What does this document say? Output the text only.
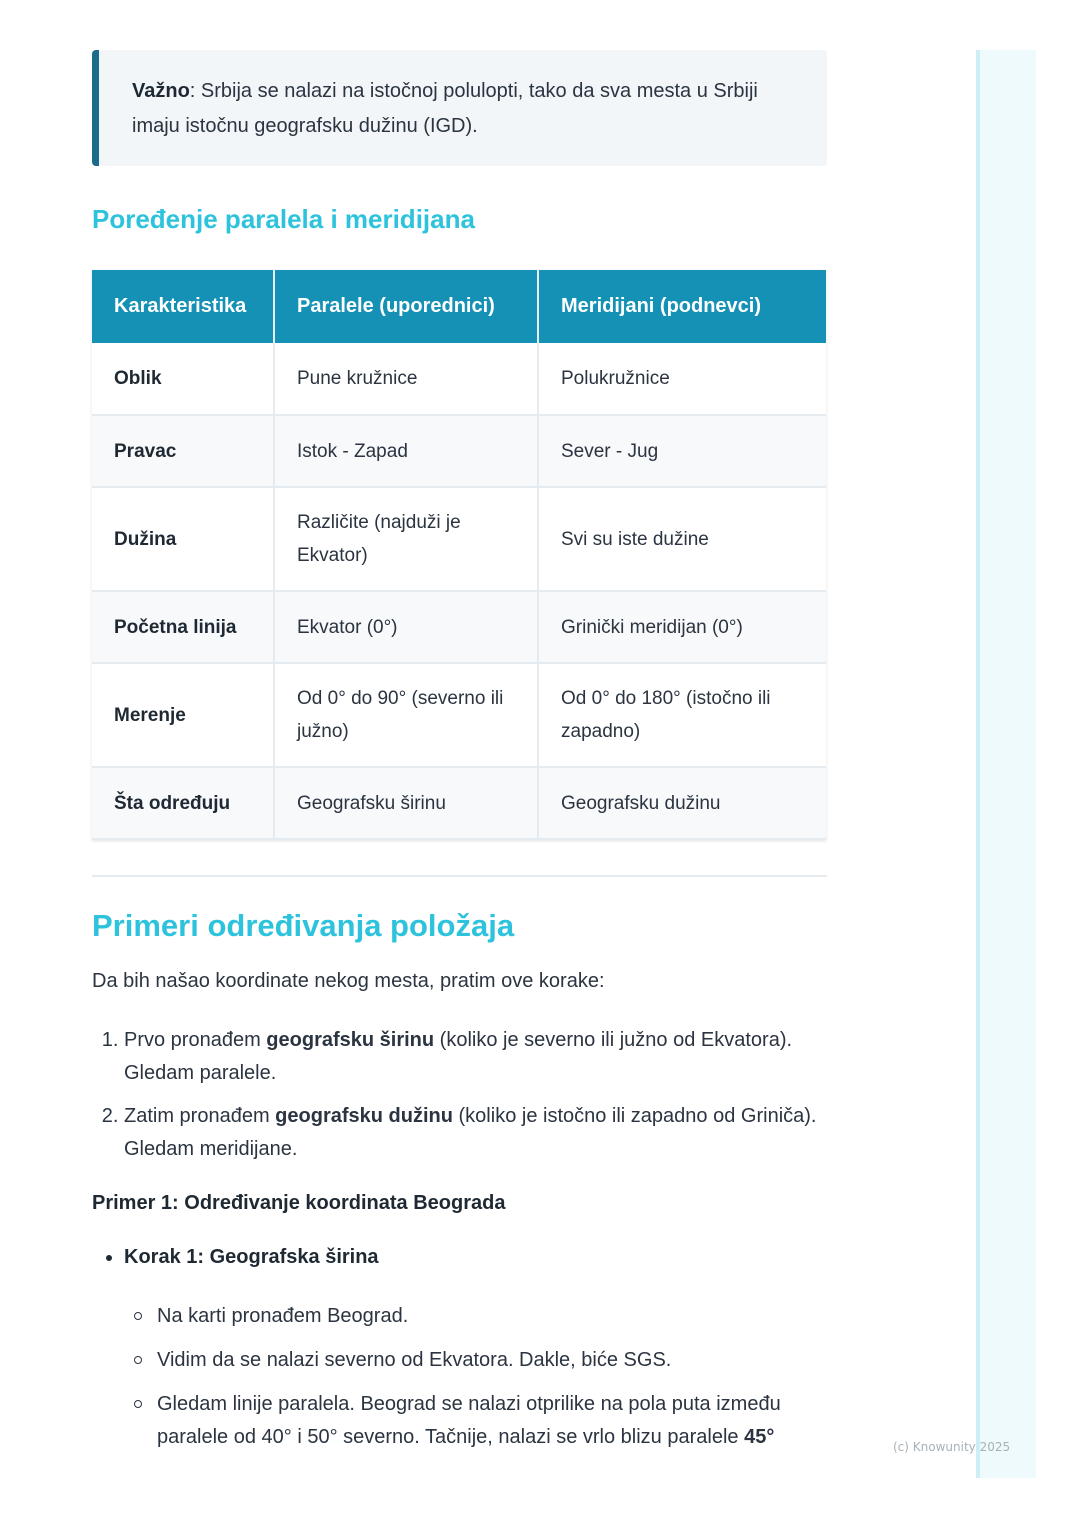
Važno: Srbija se nalazi na istočnoj polulopti, tako da sva mesta u Srbiji imaju istočnu geografsku dužinu (IGD).
Poređenje paralela i meridijana
Karakteristika	Paralele (uporednici)	Meridijani (podnevci)
Oblik	Pune kružnice	Polukružnice
Pravac	Istok - Zapad	Sever - Jug
Dužina	Različite (najduži je Ekvator)	Svi su iste dužine
Početna linija	Ekvator (0°)	Grinički meridijan (0°)
Merenje	Od 0° do 90° (severno ili južno)	Od 0° do 180° (istočno ili zapadno)
Šta određuju	Geografsku širinu	Geografsku dužinu
Primeri određivanja položaja
Da bih našao koordinate nekog mesta, pratim ove korake:
1. Prvo pronađem geografsku širinu (koliko je severno ili južno od Ekvatora). Gledam paralele.
2. Zatim pronađem geografsku dužinu (koliko je istočno ili zapadno od Griniča). Gledam meridijane.
Primer 1: Određivanje koordinata Beograda
• Korak 1: Geografska širina
Na karti pronađem Beograd.
Vidim da se nalazi severno od Ekvatora. Dakle, biće SGS.
Gledam linije paralela. Beograd se nalazi otprilike na pola puta između paralele od 40° i 50° severno. Tačnije, nalazi se vrlo blizu paralele 45°	(c) Knowunity 2025
